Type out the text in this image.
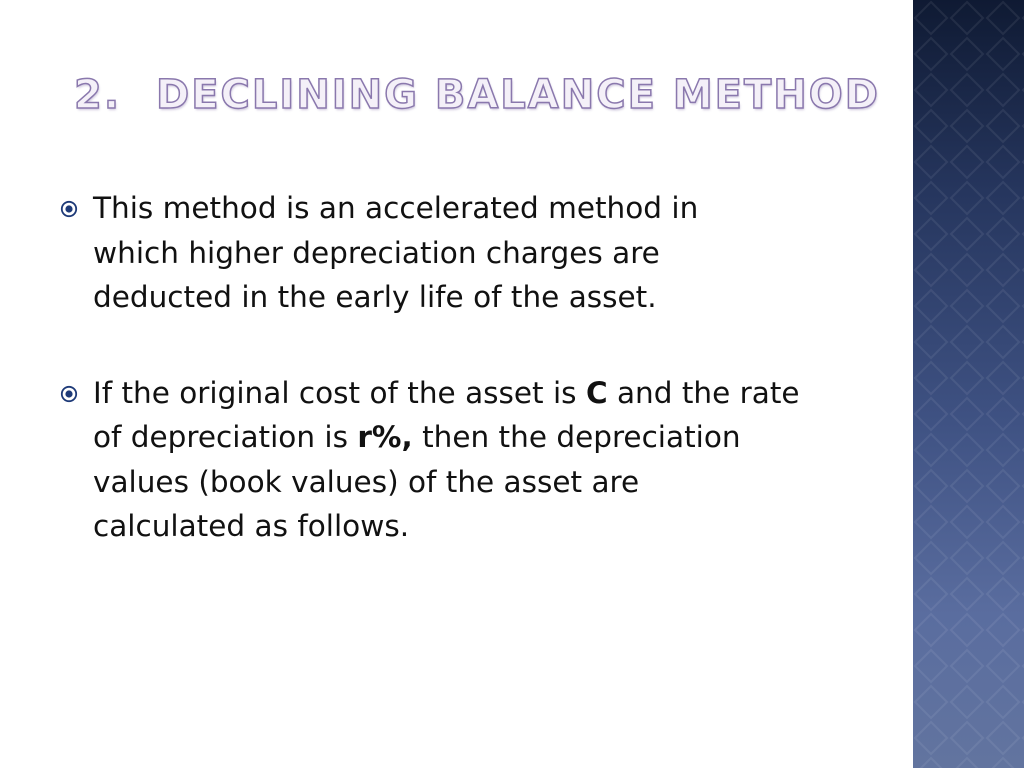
2. DECLINING BALANCE METHOD
This method is an accelerated method in
which higher depreciation charges are
deducted in the early life of the asset.
If the original cost of the asset is C and the rate
of depreciation is r%, then the depreciation
values (book values) of the asset are
calculated as follows.
